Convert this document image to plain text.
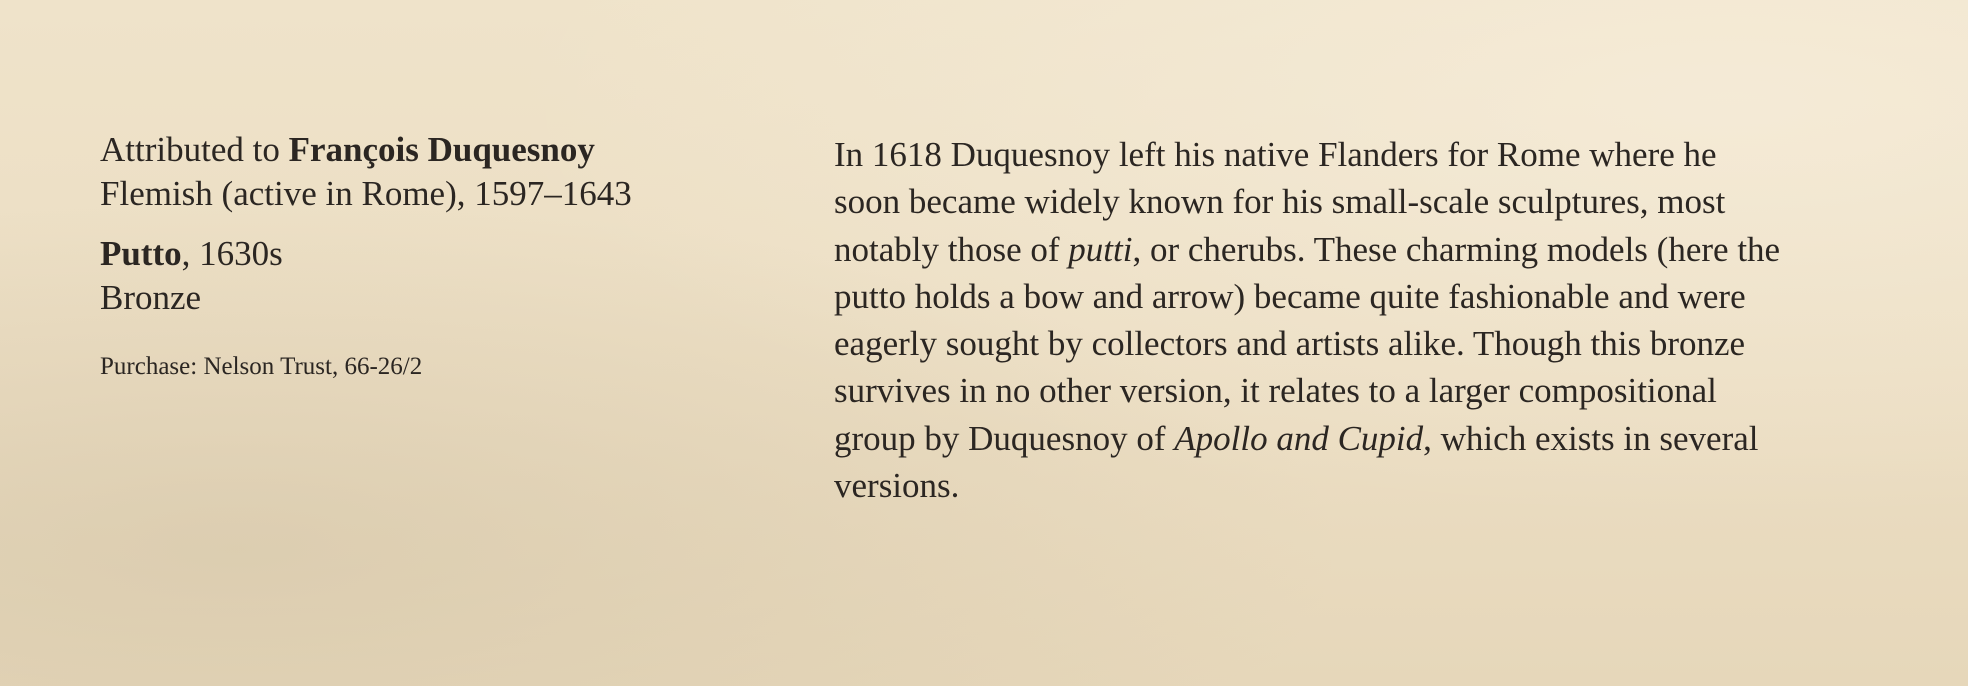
Attributed to François Duquesnoy

Flemish (active in Rome), 1597–1643

Putto, 1630s

Bronze

Purchase: Nelson Trust, 66-26/2

In 1618 Duquesnoy left his native Flanders for Rome where he
soon became widely known for his small-scale sculptures, most
notably those of putti, or cherubs. These charming models (here the
putto holds a bow and arrow) became quite fashionable and were
eagerly sought by collectors and artists alike. Though this bronze
survives in no other version, it relates to a larger compositional
group by Duquesnoy of Apollo and Cupid, which exists in several
versions.
